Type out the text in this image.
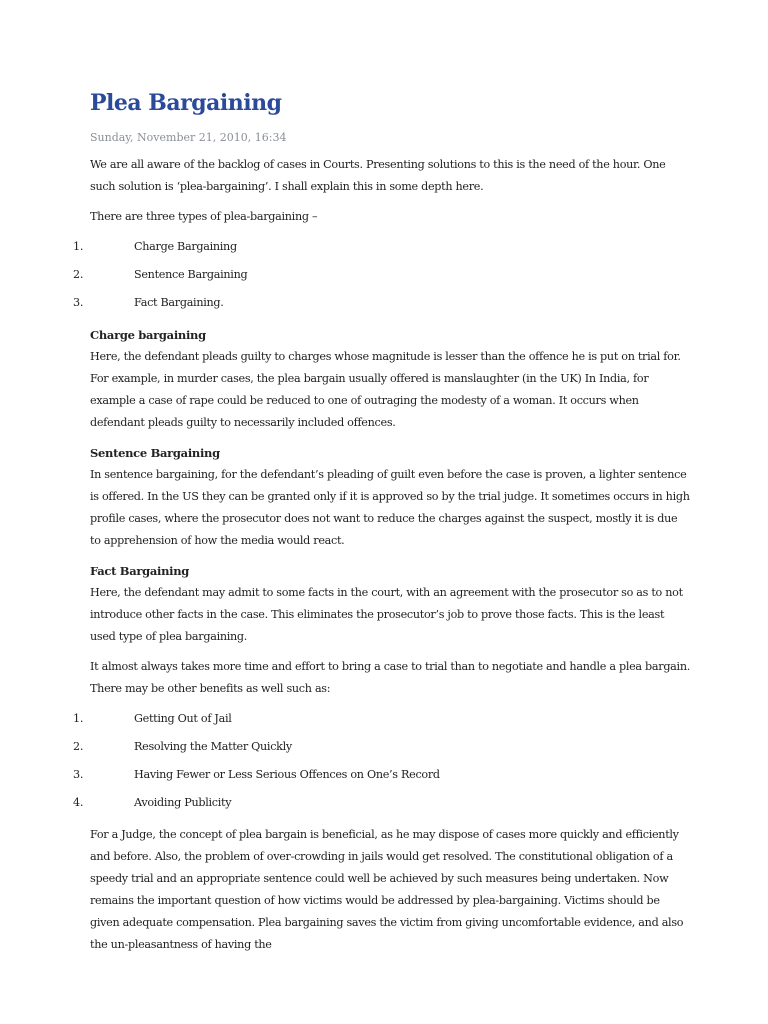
Plea Bargaining
Sunday, November 21, 2010, 16:34

We are all aware of the backlog of cases in Courts. Presenting solutions to this is the need of the hour. One such solution is ‘plea-bargaining’. I shall explain this in some depth here.

There are three types of plea-bargaining –

1.	Charge Bargaining
2.	Sentence Bargaining
3.	Fact Bargaining.
Charge bargaining

Here, the defendant pleads guilty to charges whose magnitude is lesser than the offence he is put on trial for. For example, in murder cases, the plea bargain usually offered is manslaughter (in the UK) In India, for example a case of rape could be reduced to one of outraging the modesty of a woman. It occurs when defendant pleads guilty to necessarily included offences.

Sentence Bargaining

In sentence bargaining, for the defendant’s pleading of guilt even before the case is proven, a lighter sentence is offered. In the US they can be granted only if it is approved so by the trial judge. It sometimes occurs in high profile cases, where the prosecutor does not want to reduce the charges against the suspect, mostly it is due to apprehension of how the media would react.

Fact Bargaining

Here, the defendant may admit to some facts in the court, with an agreement with the prosecutor so as to not introduce other facts in the case. This eliminates the prosecutor’s job to prove those facts. This is the least used type of plea bargaining.

It almost always takes more time and effort to bring a case to trial than to negotiate and handle a plea bargain. There may be other benefits as well such as:

1.	Getting Out of Jail
2.	Resolving the Matter Quickly
3.	Having Fewer or Less Serious Offences on One’s Record
4.	Avoiding Publicity

For a Judge, the concept of plea bargain is beneficial, as he may dispose of cases more quickly and efficiently and before. Also, the problem of over-crowding in jails would get resolved. The constitutional obligation of a speedy trial and an appropriate sentence could well be achieved by such measures being undertaken. Now remains the important question of how victims would be addressed by plea-bargaining. Victims should be given adequate compensation. Plea bargaining saves the victim from giving uncomfortable evidence, and also the un-pleasantness of having the
